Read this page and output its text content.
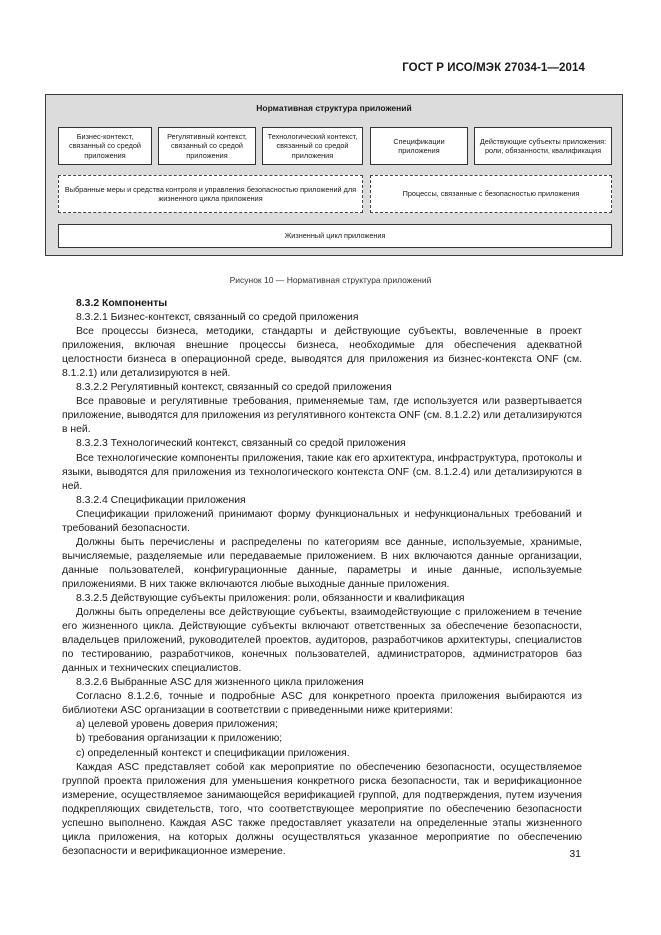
ГОСТ Р ИСО/МЭК 27034-1—2014
Нормативная структура приложений
Бизнес-контекст, связанный со средой приложения
Регулятивный контекст, связанный со средой приложения
Технологический контекст, связанный со средой приложения
Спецификации приложения
Действующие субъекты приложения: роли, обязанности, квалификация
Выбранные меры и средства контроля и управления безопасностью приложений для жизненного цикла приложения
Процессы, связанные с безопасностью приложения
Жизненный цикл приложения
Рисунок 10 — Нормативная структура приложений

8.3.2 Компоненты

8.3.2.1 Бизнес-контекст, связанный со средой приложения

Все процессы бизнеса, методики, стандарты и действующие субъекты, вовлеченные в проект приложения, включая внешние процессы бизнеса, необходимые для обеспечения адекватной целостности бизнеса в операционной среде, выводятся для приложения из бизнес-контекста ONF (см. 8.1.2.1) или детализируются в ней.

8.3.2.2 Регулятивный контекст, связанный со средой приложения

Все правовые и регулятивные требования, применяемые там, где используется или развертывается приложение, выводятся для приложения из регулятивного контекста ONF (см. 8.1.2.2) или детализируются в ней.

8.3.2.3 Технологический контекст, связанный со средой приложения

Все технологические компоненты приложения, такие как его архитектура, инфраструктура, протоколы и языки, выводятся для приложения из технологического контекста ONF (см. 8.1.2.4) или детализируются в ней.

8.3.2.4 Спецификации приложения

Спецификации приложений принимают форму функциональных и нефункциональных требований и требований безопасности.

Должны быть перечислены и распределены по категориям все данные, используемые, хранимые, вычисляемые, разделяемые или передаваемые приложением. В них включаются данные организации, данные пользователей, конфигурационные данные, параметры и иные данные, используемые приложениями. В них также включаются любые выходные данные приложения.

8.3.2.5 Действующие субъекты приложения: роли, обязанности и квалификация

Должны быть определены все действующие субъекты, взаимодействующие с приложением в течение его жизненного цикла. Действующие субъекты включают ответственных за обеспечение безопасности, владельцев приложений, руководителей проектов, аудиторов, разработчиков архитектуры, специалистов по тестированию, разработчиков, конечных пользователей, администраторов, администраторов баз данных и технических специалистов.

8.3.2.6 Выбранные ASC для жизненного цикла приложения

Согласно 8.1.2.6, точные и подробные ASC для конкретного проекта приложения выбираются из библиотеки ASC организации в соответствии с приведенными ниже критериями:

a) целевой уровень доверия приложения;

b) требования организации к приложению;

c) определенный контекст и спецификации приложения.

Каждая ASC представляет собой как мероприятие по обеспечению безопасности, осуществляемое группой проекта приложения для уменьшения конкретного риска безопасности, так и верификационное измерение, осуществляемое занимающейся верификацией группой, для подтверждения, путем изучения подкрепляющих свидетельств, того, что соответствующее мероприятие по обеспечению безопасности успешно выполнено. Каждая ASC также предоставляет указатели на определенные этапы жизненного цикла приложения, на которых должны осуществляться указанное мероприятие по обеспечению безопасности и верификационное измерение.	31
